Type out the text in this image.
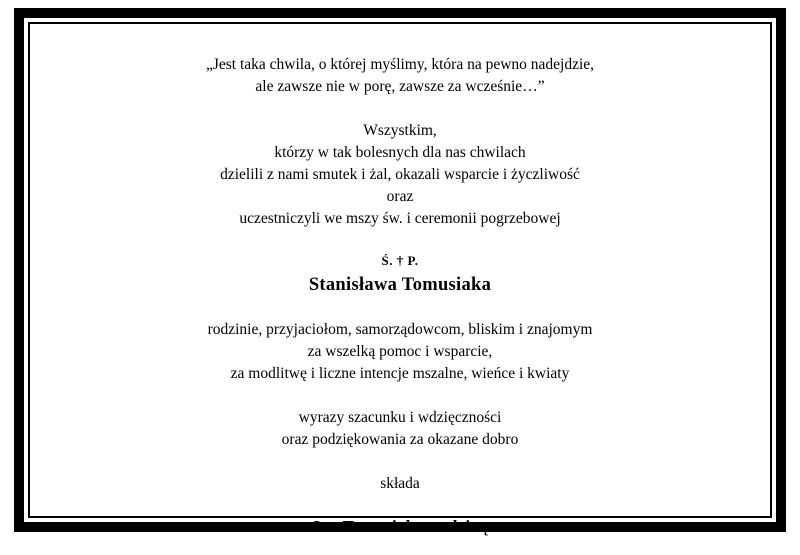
„Jest taka chwila, o której myślimy, która na pewno nadejdzie,
ale zawsze nie w porę, zawsze za wcześnie…”
Wszystkim,
którzy w tak bolesnych dla nas chwilach
dzielili z nami smutek i żal, okazali wsparcie i życzliwość
oraz
uczestniczyli we mszy św. i ceremonii pogrzebowej
Ś. † P.
Stanisława Tomusiaka
rodzinie, przyjaciołom, samorządowcom, bliskim i znajomym
za wszelką pomoc i wsparcie,
za modlitwę i liczne intencje mszalne, wieńce i kwiaty
wyrazy szacunku i wdzięczności
oraz podziękowania za okazane dobro
składa
Jan Tomusiak z rodziną
